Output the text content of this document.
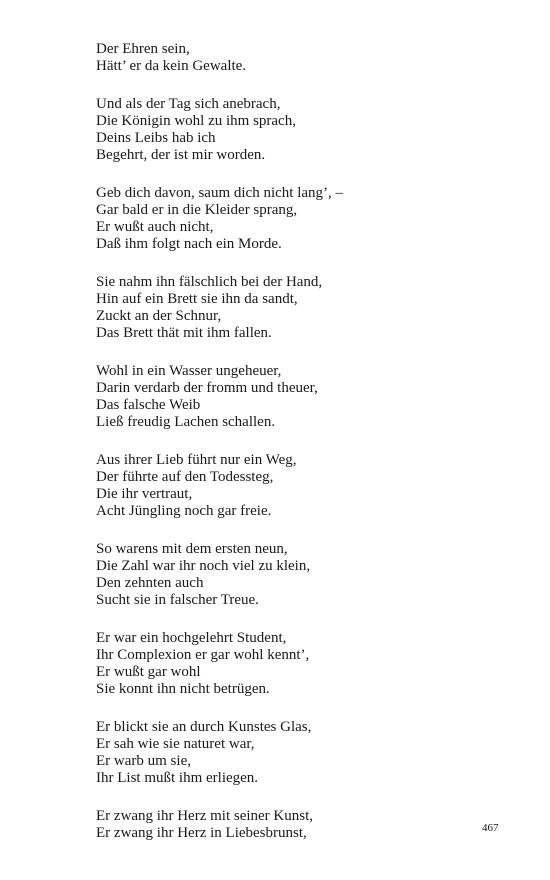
Der Ehren sein,
Hätt’ er da kein Gewalte.
Und als der Tag sich anebrach,
Die Königin wohl zu ihm sprach,
Deins Leibs hab ich
Begehrt, der ist mir worden.
Geb dich davon, saum dich nicht lang’, –
Gar bald er in die Kleider sprang,
Er wußt auch nicht,
Daß ihm folgt nach ein Morde.
Sie nahm ihn fälschlich bei der Hand,
Hin auf ein Brett sie ihn da sandt,
Zuckt an der Schnur,
Das Brett thät mit ihm fallen.
Wohl in ein Wasser ungeheuer,
Darin verdarb der fromm und theuer,
Das falsche Weib
Ließ freudig Lachen schallen.
Aus ihrer Lieb führt nur ein Weg,
Der führte auf den Todessteg,
Die ihr vertraut,
Acht Jüngling noch gar freie.
So warens mit dem ersten neun,
Die Zahl war ihr noch viel zu klein,
Den zehnten auch
Sucht sie in falscher Treue.
Er war ein hochgelehrt Student,
Ihr Complexion er gar wohl kennt’,
Er wußt gar wohl
Sie konnt ihn nicht betrügen.
Er blickt sie an durch Kunstes Glas,
Er sah wie sie naturet war,
Er warb um sie,
Ihr List mußt ihm erliegen.
Er zwang ihr Herz mit seiner Kunst,
Er zwang ihr Herz in Liebesbrunst,	467
